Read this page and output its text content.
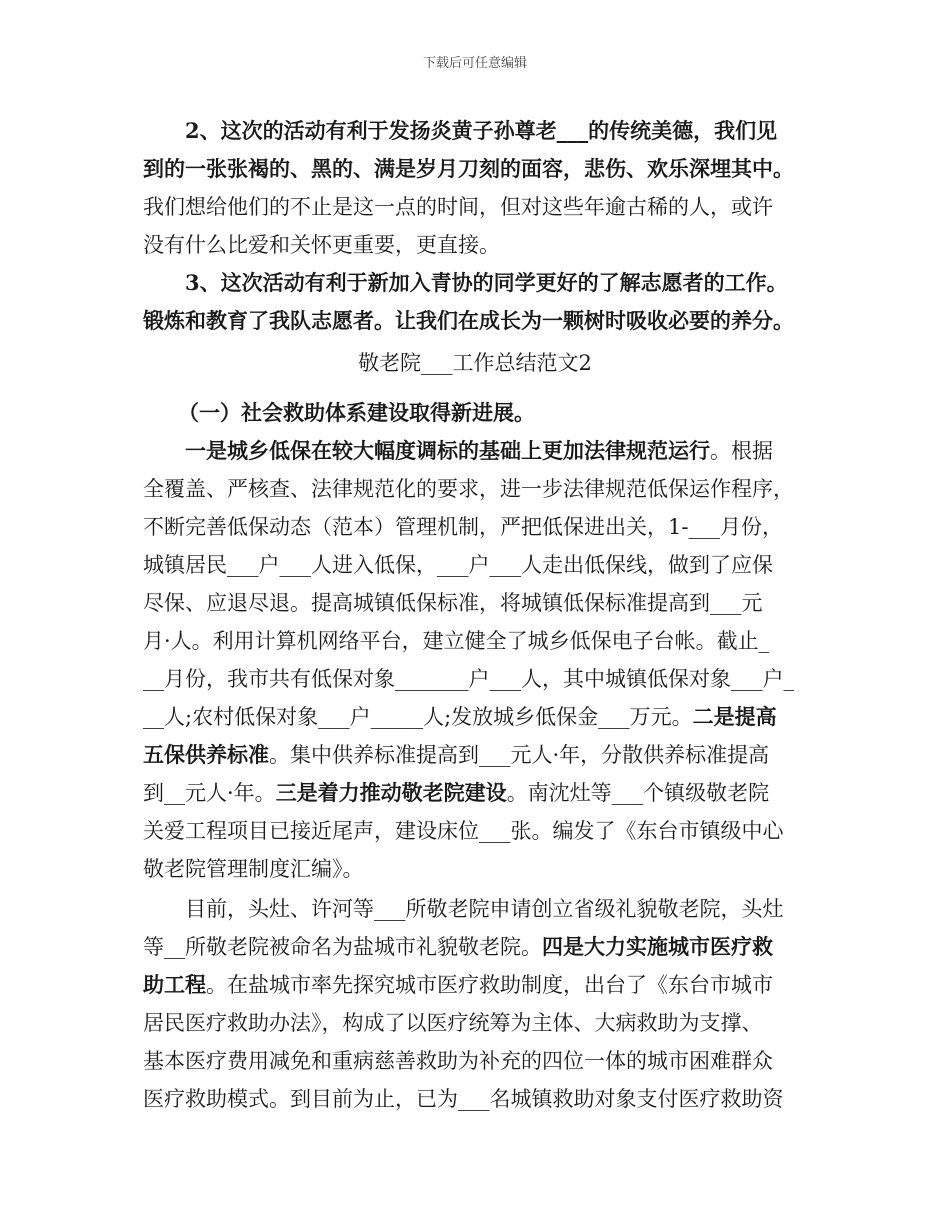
下载后可任意编辑
2、这次的活动有利于发扬炎黄子孙尊老___的传统美德，我们见
到的一张张褐的、黑的、满是岁月刀刻的面容，悲伤、欢乐深埋其中。
我们想给他们的不止是这一点的时间，但对这些年逾古稀的人，或许
没有什么比爱和关怀更重要，更直接。
3、这次活动有利于新加入青协的同学更好的了解志愿者的工作。
锻炼和教育了我队志愿者。让我们在成长为一颗树时吸收必要的养分。
敬老院___工作总结范文2
（一）社会救助体系建设取得新进展。
一是城乡低保在较大幅度调标的基础上更加法律规范运行。根据
全覆盖、严核查、法律规范化的要求，进一步法律规范低保运作程序，
不断完善低保动态（范本）管理机制，严把低保进出关，1-___月份，
城镇居民___户___人进入低保，___户___人走出低保线，做到了应保
尽保、应退尽退。提高城镇低保标准，将城镇低保标准提高到___元
月·人。利用计算机网络平台，建立健全了城乡低保电子台帐。截止_
__月份，我市共有低保对象_______户___人，其中城镇低保对象___户_
__人;农村低保对象___户_____人;发放城乡低保金___万元。二是提高
五保供养标准。集中供养标准提高到___元人·年，分散供养标准提高
到__元人·年。三是着力推动敬老院建设。南沈灶等___个镇级敬老院
关爱工程项目已接近尾声，建设床位___张。编发了《东台市镇级中心
敬老院管理制度汇编》。
目前，头灶、许河等___所敬老院申请创立省级礼貌敬老院，头灶
等__所敬老院被命名为盐城市礼貌敬老院。四是大力实施城市医疗救
助工程。在盐城市率先探究城市医疗救助制度，出台了《东台市城市
居民医疗救助办法》，构成了以医疗统筹为主体、大病救助为支撑、
基本医疗费用减免和重病慈善救助为补充的四位一体的城市困难群众
医疗救助模式。到目前为止，已为___名城镇救助对象支付医疗救助资
